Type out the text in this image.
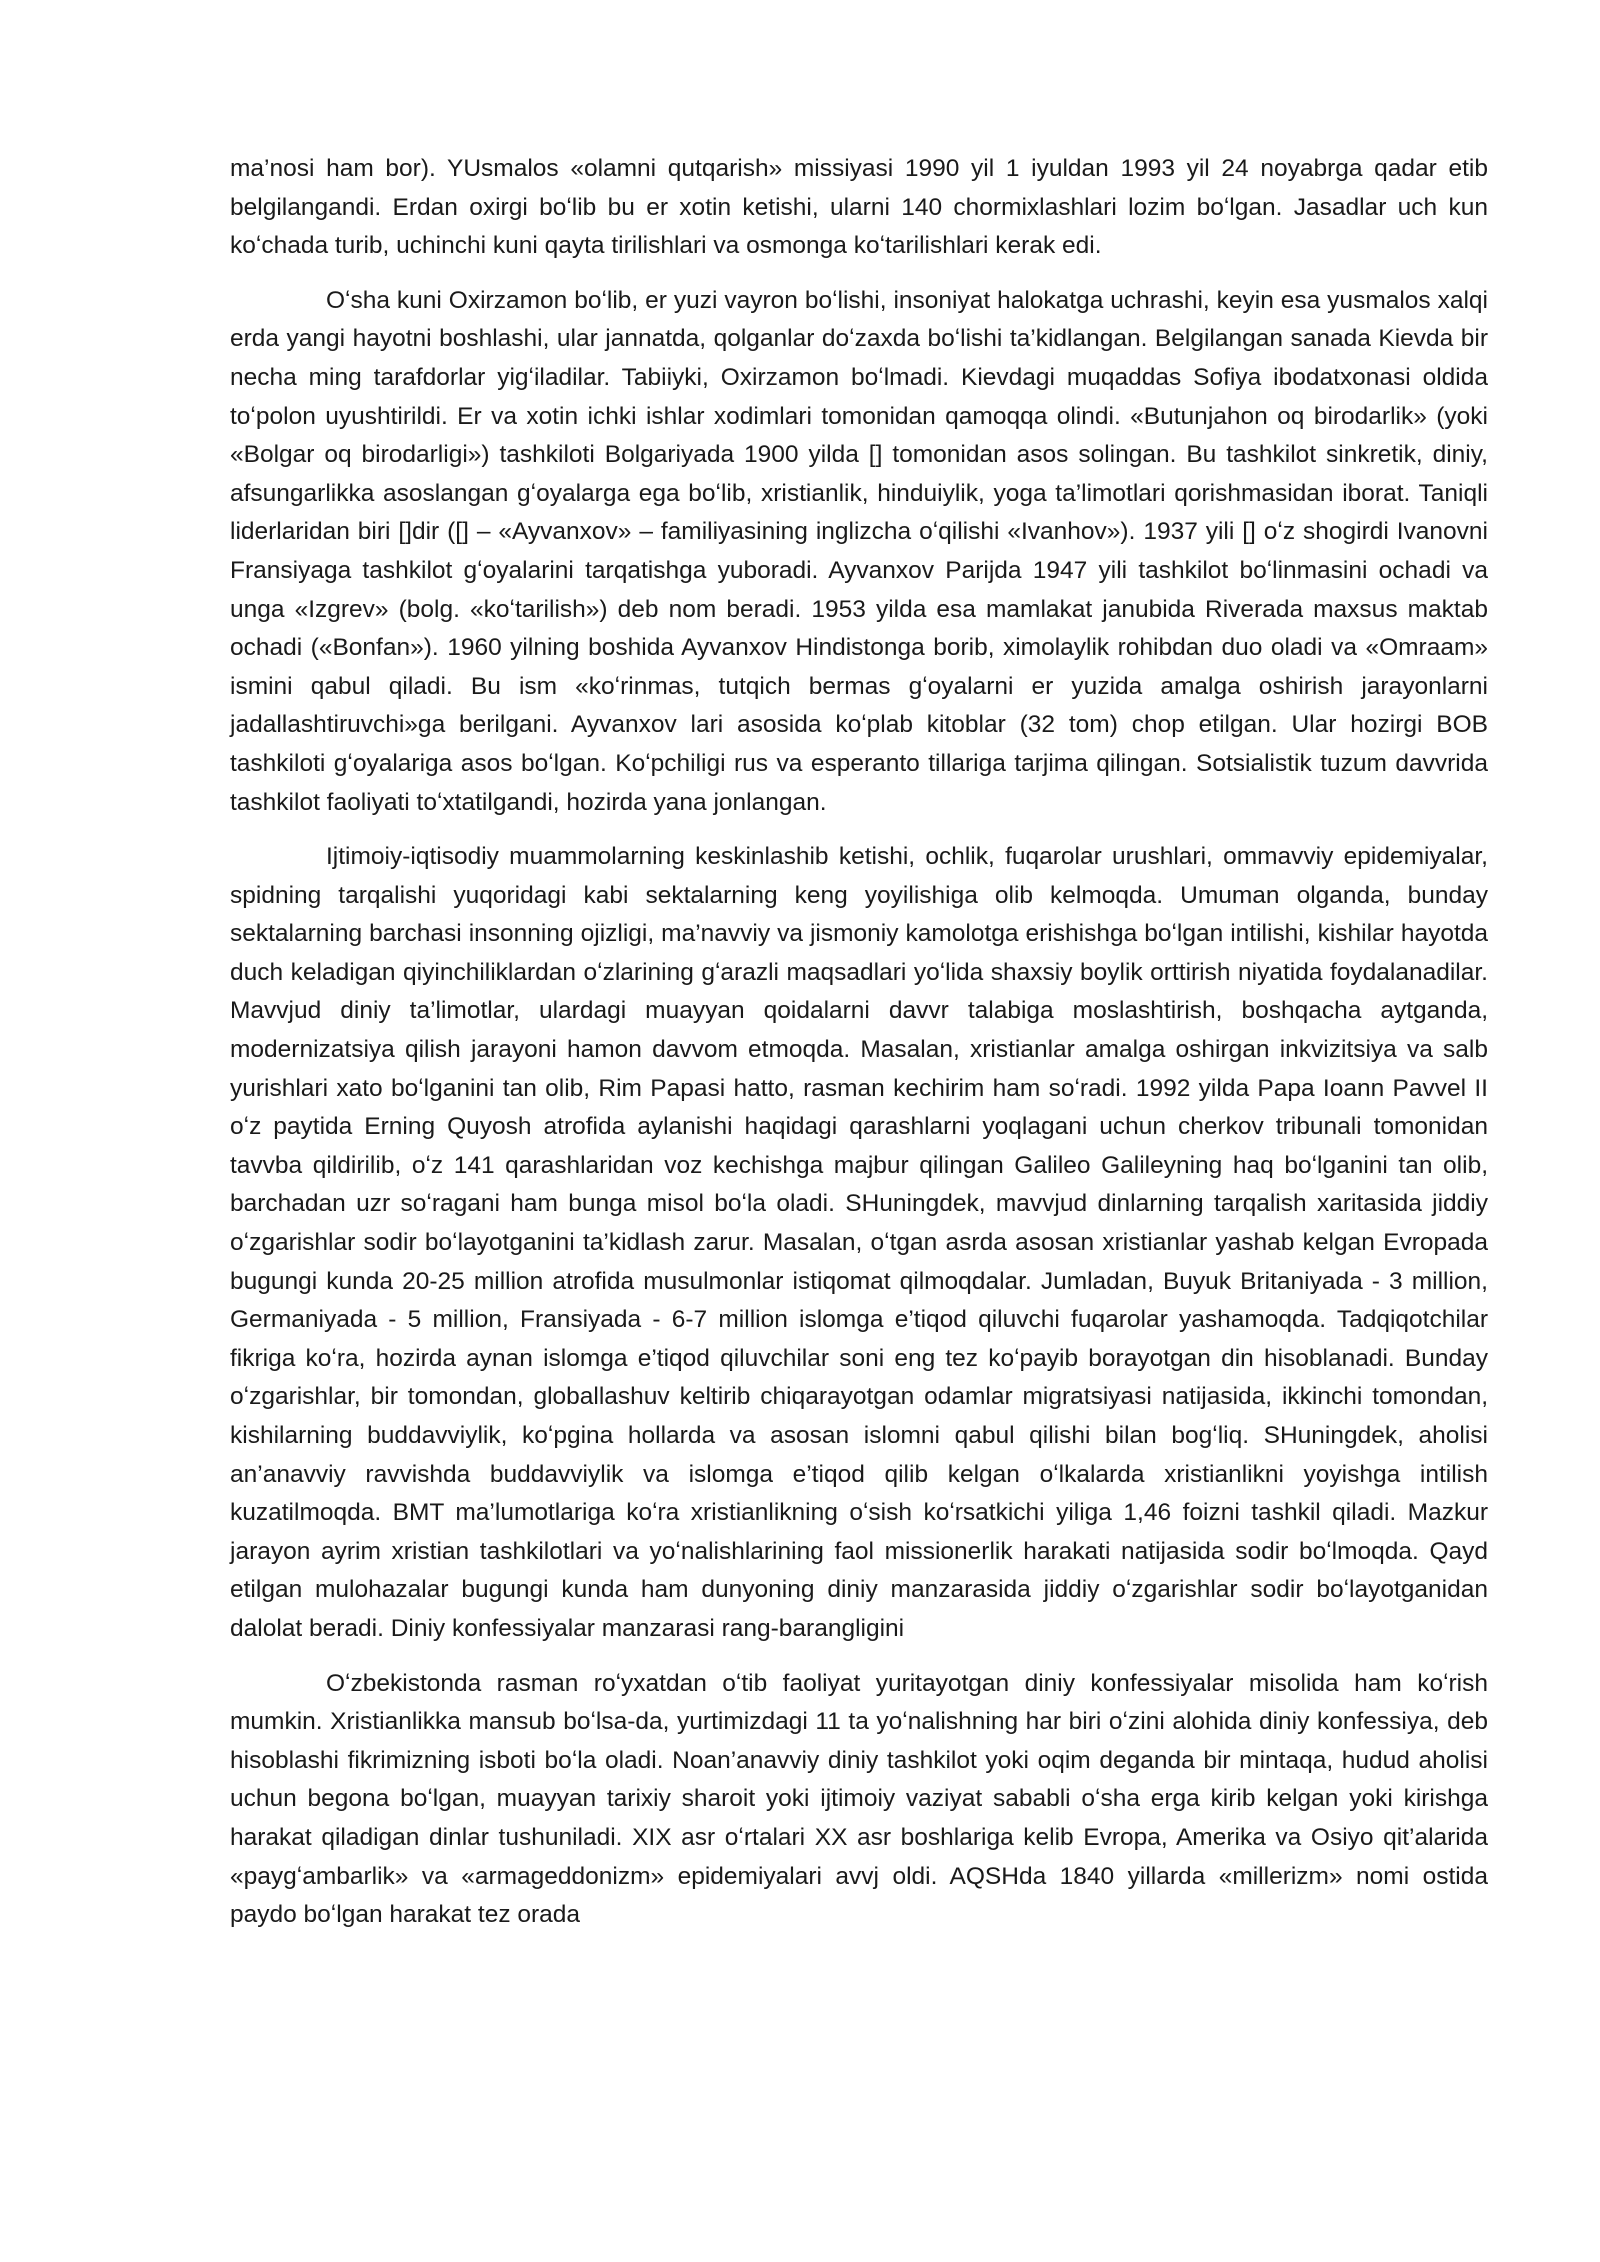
ma’nosi ham bor). YUsmalos «olamni qutqarish» missiyasi 1990 yil 1 iyuldan 1993 yil 24 noyabrga qadar etib belgilangandi. Erdan oxirgi boʻlib bu er xotin ketishi, ularni 140 chormixlashlari lozim boʻlgan. Jasadlar uch kun koʻchada turib, uchinchi kuni qayta tirilishlari va osmonga koʻtarilishlari kerak edi.

Oʻsha kuni Oxirzamon boʻlib, er yuzi vayron boʻlishi, insoniyat halokatga uchrashi, keyin esa yusmalos xalqi erda yangi hayotni boshlashi, ular jannatda, qolganlar doʻzaxda boʻlishi ta’kidlangan. Belgilangan sanada Kievda bir necha ming tarafdorlar yigʻiladilar. Tabiiyki, Oxirzamon boʻlmadi. Kievdagi muqaddas Sofiya ibodatxonasi oldida toʻpolon uyushtirildi. Er va xotin ichki ishlar xodimlari tomonidan qamoqqa olindi. «Butunjahon oq birodarlik» (yoki «Bolgar oq birodarligi») tashkiloti Bolgariyada 1900 yilda [] tomonidan asos solingan. Bu tashkilot sinkretik, diniy, afsungarlikka asoslangan gʻoyalarga ega boʻlib, xristianlik, hinduiylik, yoga ta’limotlari qorishmasidan iborat. Taniqli liderlaridan biri []dir ([] – «Ayvanxov» – familiyasining inglizcha oʻqilishi «Ivanhov»). 1937 yili [] oʻz shogirdi Ivanovni Fransiyaga tashkilot gʻoyalarini tarqatishga yuboradi. Ayvanxov Parijda 1947 yili tashkilot boʻlinmasini ochadi va unga «Izgrev» (bolg. «koʻtarilish») deb nom beradi. 1953 yilda esa mamlakat janubida Riverada maxsus maktab ochadi («Bonfan»). 1960 yilning boshida Ayvanxov Hindistonga borib, ximolaylik rohibdan duo oladi va «Omraam» ismini qabul qiladi. Bu ism «koʻrinmas, tutqich bermas gʻoyalarni er yuzida amalga oshirish jarayonlarni jadallashtiruvchi»ga berilgani. Ayvanxov lari asosida koʻplab kitoblar (32 tom) chop etilgan. Ular hozirgi BOB tashkiloti gʻoyalariga asos boʻlgan. Koʻpchiligi rus va esperanto tillariga tarjima qilingan. Sotsialistik tuzum davvrida tashkilot faoliyati toʻxtatilgandi, hozirda yana jonlangan.

Ijtimoiy-iqtisodiy muammolarning keskinlashib ketishi, ochlik, fuqarolar urushlari, ommavviy epidemiyalar, spidning tarqalishi yuqoridagi kabi sektalarning keng yoyilishiga olib kelmoqda. Umuman olganda, bunday sektalarning barchasi insonning ojizligi, ma’navviy va jismoniy kamolotga erishishga boʻlgan intilishi, kishilar hayotda duch keladigan qiyinchiliklardan oʻzlarining gʻarazli maqsadlari yoʻlida shaxsiy boylik orttirish niyatida foydalanadilar. Mavvjud diniy ta’limotlar, ulardagi muayyan qoidalarni davvr talabiga moslashtirish, boshqacha aytganda, modernizatsiya qilish jarayoni hamon davvom etmoqda. Masalan, xristianlar amalga oshirgan inkvizitsiya va salb yurishlari xato boʻlganini tan olib, Rim Papasi hatto, rasman kechirim ham soʻradi. 1992 yilda Papa Ioann Pavvel II oʻz paytida Erning Quyosh atrofida aylanishi haqidagi qarashlarni yoqlagani uchun cherkov tribunali tomonidan tavvba qildirilib, oʻz 141 qarashlaridan voz kechishga majbur qilingan Galileo Galileyning haq boʻlganini tan olib, barchadan uzr soʻragani ham bunga misol boʻla oladi. SHuningdek, mavvjud dinlarning tarqalish xaritasida jiddiy oʻzgarishlar sodir boʻlayotganini ta’kidlash zarur. Masalan, oʻtgan asrda asosan xristianlar yashab kelgan Evropada bugungi kunda 20-25 million atrofida musulmonlar istiqomat qilmoqdalar. Jumladan, Buyuk Britaniyada - 3 million, Germaniyada - 5 million, Fransiyada - 6-7 million islomga e’tiqod qiluvchi fuqarolar yashamoqda. Tadqiqotchilar fikriga koʻra, hozirda aynan islomga e’tiqod qiluvchilar soni eng tez koʻpayib borayotgan din hisoblanadi. Bunday oʻzgarishlar, bir tomondan, globallashuv keltirib chiqarayotgan odamlar migratsiyasi natijasida, ikkinchi tomondan, kishilarning buddavviylik, koʻpgina hollarda va asosan islomni qabul qilishi bilan bogʻliq. SHuningdek, aholisi an’anavviy ravvishda buddavviylik va islomga e’tiqod qilib kelgan oʻlkalarda xristianlikni yoyishga intilish kuzatilmoqda. BMT ma’lumotlariga koʻra xristianlikning oʻsish koʻrsatkichi yiliga 1,46 foizni tashkil qiladi. Mazkur jarayon ayrim xristian tashkilotlari va yoʻnalishlarining faol missionerlik harakati natijasida sodir boʻlmoqda. Qayd etilgan mulohazalar bugungi kunda ham dunyoning diniy manzarasida jiddiy oʻzgarishlar sodir boʻlayotganidan dalolat beradi. Diniy konfessiyalar manzarasi rang-barangligini

Oʻzbekistonda rasman roʻyxatdan oʻtib faoliyat yuritayotgan diniy konfessiyalar misolida ham koʻrish mumkin. Xristianlikka mansub boʻlsa-da, yurtimizdagi 11 ta yoʻnalishning har biri oʻzini alohida diniy konfessiya, deb hisoblashi fikrimizning isboti boʻla oladi. Noan’anavviy diniy tashkilot yoki oqim deganda bir mintaqa, hudud aholisi uchun begona boʻlgan, muayyan tarixiy sharoit yoki ijtimoiy vaziyat sababli oʻsha erga kirib kelgan yoki kirishga harakat qiladigan dinlar tushuniladi. XIX asr oʻrtalari XX asr boshlariga kelib Evropa, Amerika va Osiyo qit’alarida «paygʻambarlik» va «armageddonizm» epidemiyalari avvj oldi. AQSHda 1840 yillarda «millerizm» nomi ostida paydo boʻlgan harakat tez orada
